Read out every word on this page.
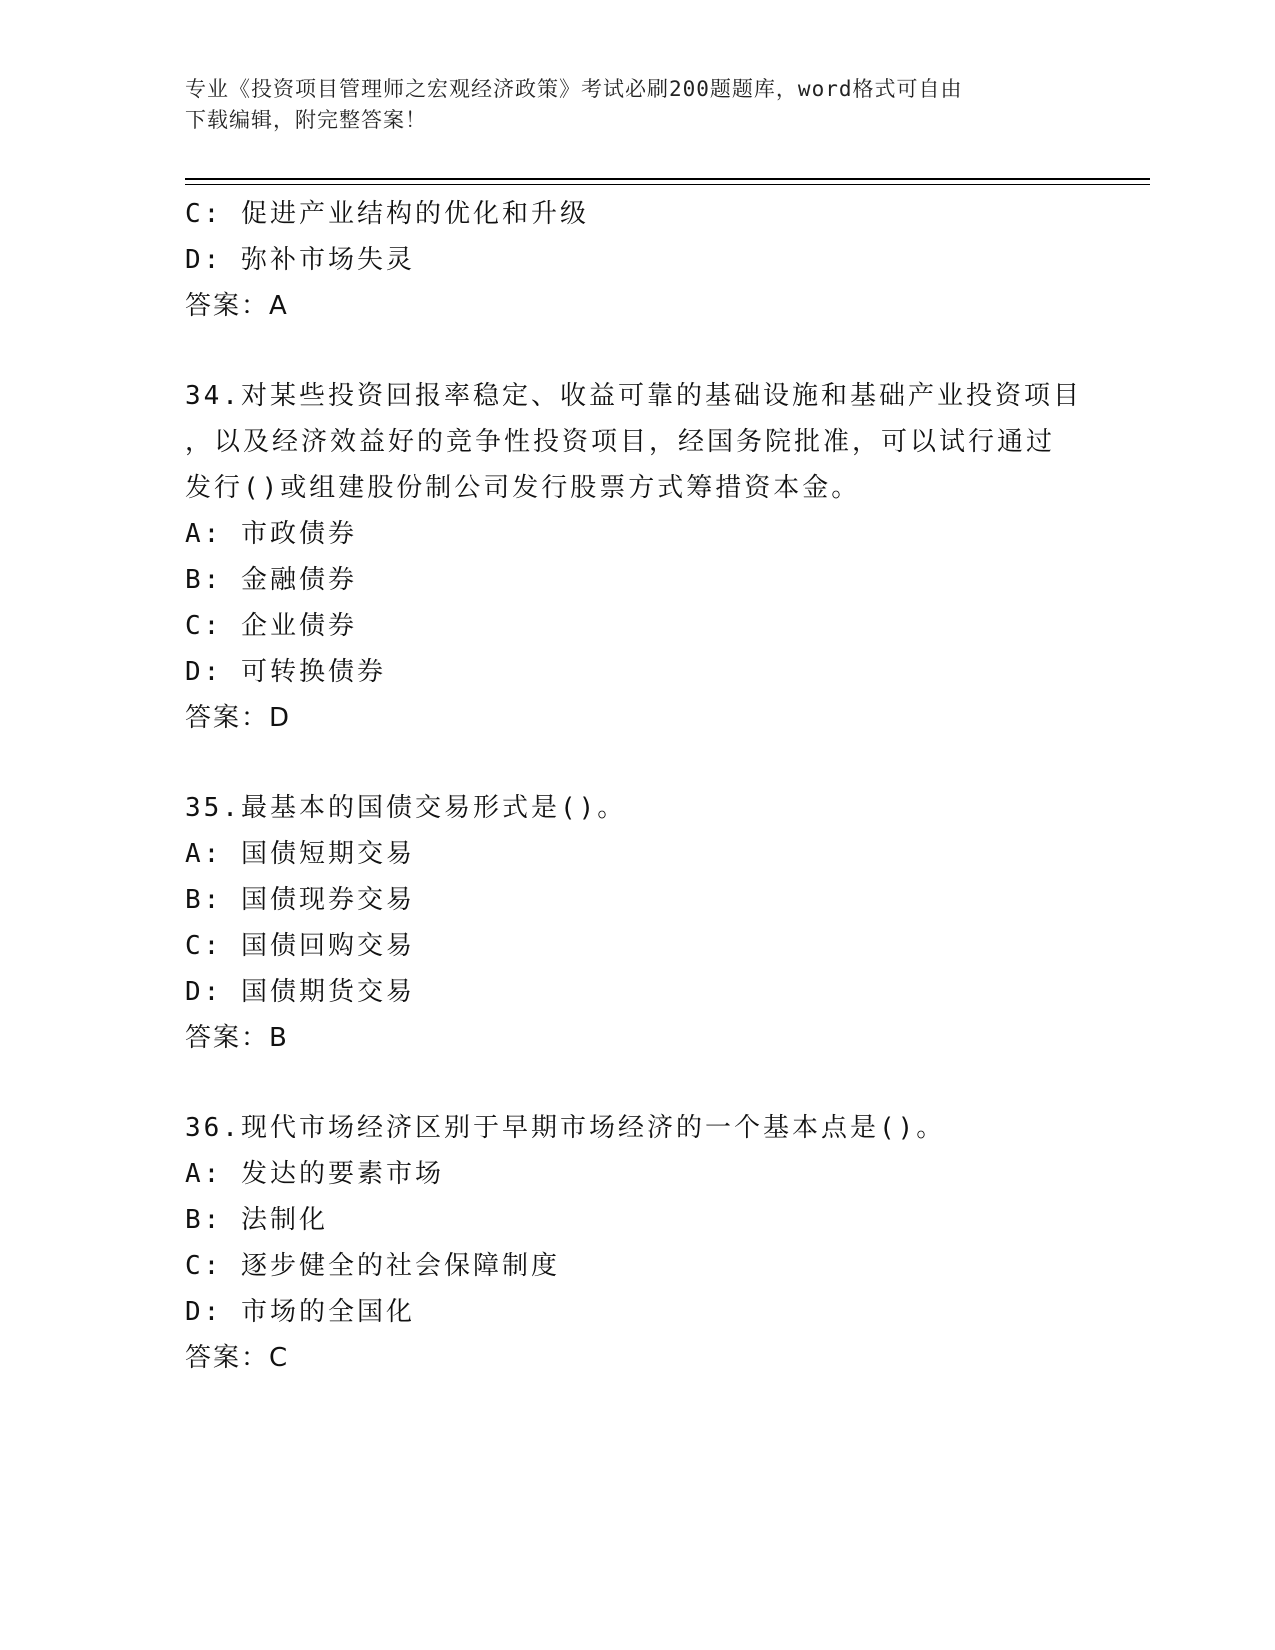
专业《投资项目管理师之宏观经济政策》考试必刷200题题库，word格式可自由
下载编辑，附完整答案！
C: 促进产业结构的优化和升级
D: 弥补市场失灵
答案：A
34.对某些投资回报率稳定、收益可靠的基础设施和基础产业投资项目
，以及经济效益好的竞争性投资项目，经国务院批准，可以试行通过
发行()或组建股份制公司发行股票方式筹措资本金。
A: 市政债券
B: 金融债券
C: 企业债券
D: 可转换债券
答案：D
35.最基本的国债交易形式是()。
A: 国债短期交易
B: 国债现券交易
C: 国债回购交易
D: 国债期货交易
答案：B
36.现代市场经济区别于早期市场经济的一个基本点是()。
A: 发达的要素市场
B: 法制化
C: 逐步健全的社会保障制度
D: 市场的全国化
答案：C
